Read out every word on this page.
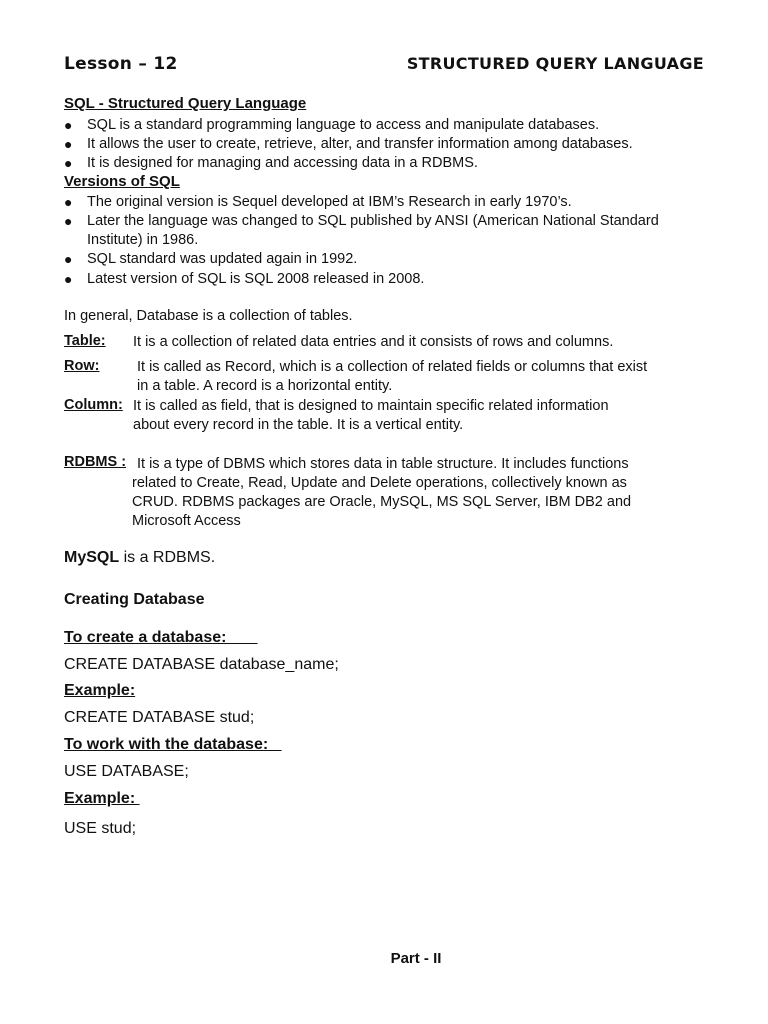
Lesson – 12	STRUCTURED QUERY LANGUAGE
SQL - Structured Query Language
● SQL is a standard programming language to access and manipulate databases.
● It allows the user to create, retrieve, alter, and transfer information among databases.
● It is designed for managing and accessing data in a RDBMS.
Versions of SQL
● The original version is Sequel developed at IBM’s Research in early 1970’s.
● Later the language was changed to SQL published by ANSI (American National Standard Institute) in 1986.
● SQL standard was updated again in 1992.
● Latest version of SQL is SQL 2008 released in 2008.
In general, Database is a collection of tables.
Table: It is a collection of related data entries and it consists of rows and columns.
Row:	It is called as Record, which is a collection of related fields or columns that exist
in a table. A record is a horizontal entity.
Column: It is called as field, that is designed to maintain specific related information
about every record in the table. It is a vertical entity.
RDBMS : It is a type of DBMS which stores data in table structure. It includes functions
related to Create, Read, Update and Delete operations, collectively known as
CRUD. RDBMS packages are Oracle, MySQL, MS SQL Server, IBM DB2 and
Microsoft Access
MySQL is a RDBMS.
Creating Database
To create a database:
CREATE DATABASE database_name;
Example:
CREATE DATABASE stud;
To work with the database:
USE DATABASE;
Example:
USE stud;
Part - II
